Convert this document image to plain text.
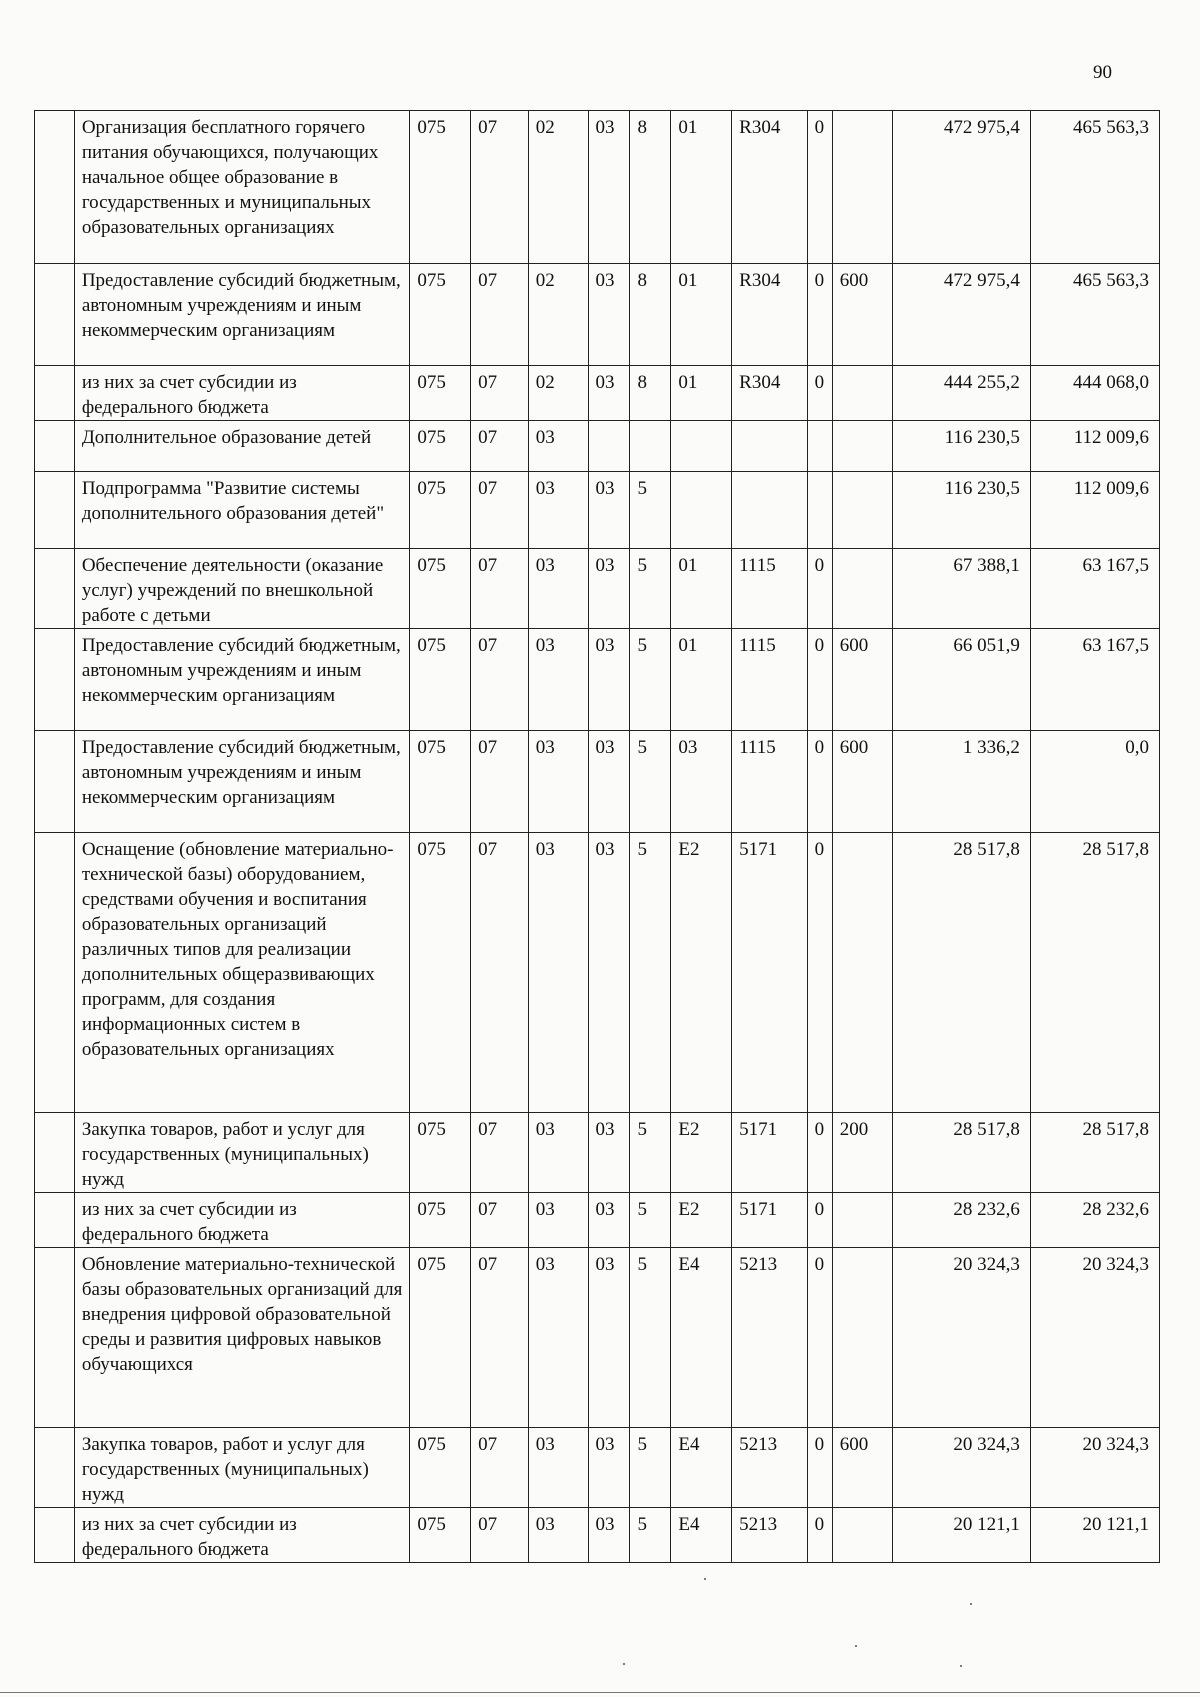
90
	Организация бесплатного горячего питания обучающихся, получающих начальное общее образование в государственных и муниципальных образовательных организациях	075	07	02	03	8	01	R304	0		472 975,4	465 563,3
	Предоставление субсидий бюджетным, автономным учреждениям и иным некоммерческим организациям	075	07	02	03	8	01	R304	0	600	472 975,4	465 563,3
	из них за счет субсидии из федерального бюджета	075	07	02	03	8	01	R304	0		444 255,2	444 068,0
	Дополнительное образование детей	075	07	03							116 230,5	112 009,6
	Подпрограмма "Развитие системы дополнительного образования детей"	075	07	03	03	5					116 230,5	112 009,6
	Обеспечение деятельности (оказание услуг) учреждений по внешкольной работе с детьми	075	07	03	03	5	01	1115	0		67 388,1	63 167,5
	Предоставление субсидий бюджетным, автономным учреждениям и иным некоммерческим организациям	075	07	03	03	5	01	1115	0	600	66 051,9	63 167,5
	Предоставление субсидий бюджетным, автономным учреждениям и иным некоммерческим организациям	075	07	03	03	5	03	1115	0	600	1 336,2	0,0
	Оснащение (обновление материально-технической базы) оборудованием, средствами обучения и воспитания образовательных организаций различных типов для реализации дополнительных общеразвивающих программ, для создания информационных систем в образовательных организациях	075	07	03	03	5	E2	5171	0		28 517,8	28 517,8
	Закупка товаров, работ и услуг для государственных (муниципальных) нужд	075	07	03	03	5	E2	5171	0	200	28 517,8	28 517,8
	из них за счет субсидии из федерального бюджета	075	07	03	03	5	E2	5171	0		28 232,6	28 232,6
	Обновление материально-технической базы образовательных организаций для внедрения цифровой образовательной среды и развития цифровых навыков обучающихся	075	07	03	03	5	E4	5213	0		20 324,3	20 324,3
	Закупка товаров, работ и услуг для государственных (муниципальных) нужд	075	07	03	03	5	E4	5213	0	600	20 324,3	20 324,3
	из них за счет субсидии из федерального бюджета	075	07	03	03	5	E4	5213	0		20 121,1	20 121,1
